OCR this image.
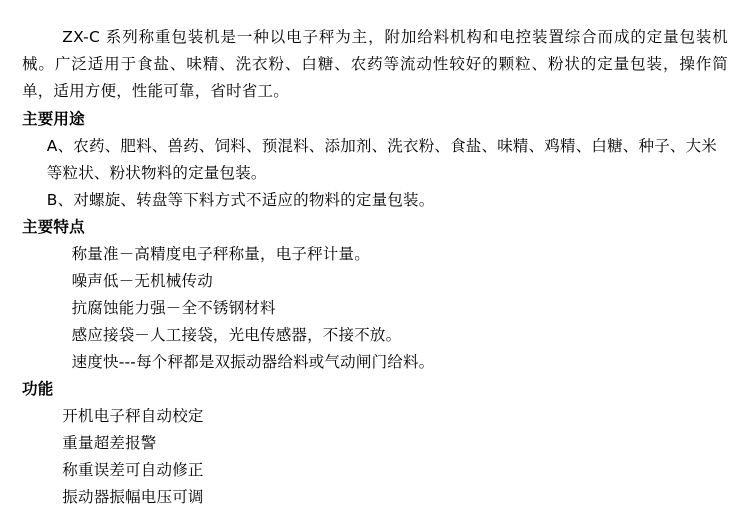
ZX-C 系列称重包装机是一种以电子秤为主，附加给料机构和电控装置综合而成的定量包装机械。广泛适用于食盐、味精、洗衣粉、白糖、农药等流动性较好的颗粒、粉状的定量包装，操作简单，适用方便，性能可靠，省时省工。

主要用途

A、农药、肥料、兽药、饲料、预混料、添加剂、洗衣粉、食盐、味精、鸡精、白糖、种子、大米等粒状、粉状物料的定量包装。

B、对螺旋、转盘等下料方式不适应的物料的定量包装。

主要特点

称量准－高精度电子秤称量，电子秤计量。

噪声低－无机械传动

抗腐蚀能力强－全不锈钢材料

感应接袋－人工接袋，光电传感器，不接不放。

速度快---每个秤都是双振动器给料或气动闸门给料。

功能

开机电子秤自动校定

重量超差报警

称重误差可自动修正

振动器振幅电压可调
